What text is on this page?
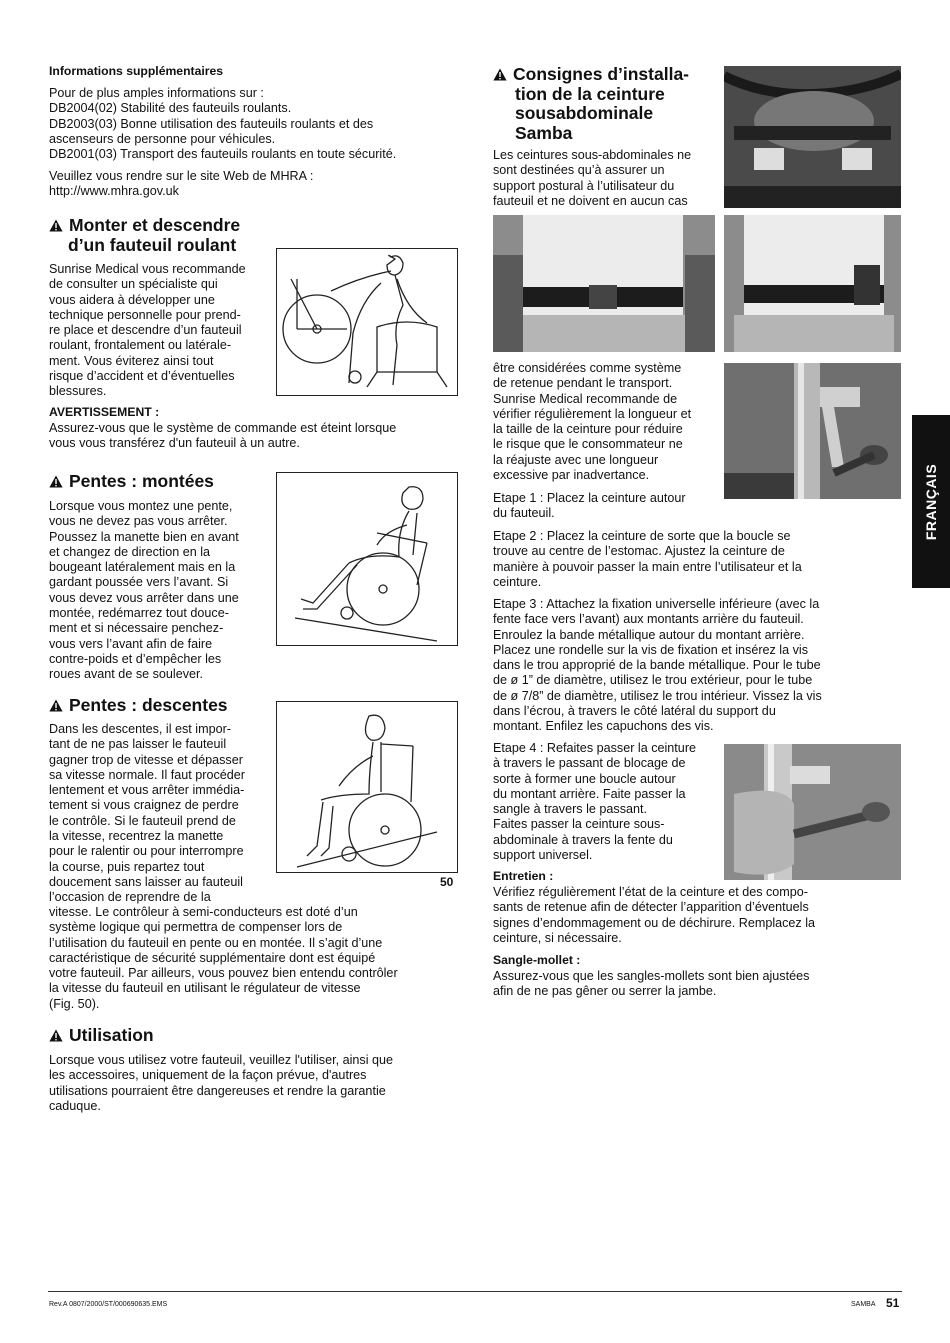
Informations supplémentaires
Pour de plus amples informations sur :
DB2004(02) Stabilité des fauteuils roulants.
DB2003(03) Bonne utilisation des fauteuils roulants et des
ascenseurs de personne pour véhicules.
DB2001(03) Transport des fauteuils roulants en toute sécurité.
Veuillez vous rendre sur le site Web de MHRA :
http://www.mhra.gov.uk
Monter et descendre
d’un fauteuil roulant
Sunrise Medical vous recommande
de consulter un spécialiste qui
vous aidera à développer une
technique personnelle pour prend-
re place et descendre d’un fauteuil
roulant, frontalement ou latérale-
ment. Vous éviterez ainsi tout
risque d’accident et d’éventuelles
blessures.
AVERTISSEMENT :
Assurez-vous que le système de commande est éteint lorsque
vous vous transférez d'un fauteuil à un autre.
Pentes : montées
Lorsque vous montez une pente,
vous ne devez pas vous arrêter.
Poussez la manette bien en avant
et changez de direction en la
bougeant latéralement mais en la
gardant poussée vers l’avant. Si
vous devez vous arrêter dans une
montée, redémarrez tout douce-
ment et si nécessaire penchez-
vous vers l’avant afin de faire
contre-poids et d’empêcher les
roues avant de se soulever.
Pentes : descentes
Dans les descentes, il est impor-
tant de ne pas laisser le fauteuil
gagner trop de vitesse et dépasser
sa vitesse normale. Il faut procéder
lentement et vous arrêter immédia-
tement si vous craignez de perdre
le contrôle. Si le fauteuil prend de
la vitesse, recentrez la manette
pour le ralentir ou pour interrompre
la course, puis repartez tout
doucement sans laisser au fauteuil
l’occasion de reprendre de la
50
vitesse. Le contrôleur à semi-conducteurs est doté d’un
système logique qui permettra de compenser lors de
l’utilisation du fauteuil en pente ou en montée. Il s’agit d’une
caractéristique de sécurité supplémentaire dont est équipé
votre fauteuil. Par ailleurs, vous pouvez bien entendu contrôler
la vitesse du fauteuil en utilisant le régulateur de vitesse
(Fig. 50).
Utilisation
Lorsque vous utilisez votre fauteuil, veuillez l'utiliser, ainsi que
les accessoires, uniquement de la façon prévue, d'autres
utilisations pourraient être dangereuses et rendre la garantie
caduque.
Consignes d’installa-
tion de la ceinture
sousabdominale
Samba
Les ceintures sous-abdominales ne
sont destinées qu’à assurer un
support postural à l’utilisateur du
fauteuil et ne doivent en aucun cas
être considérées comme système
de retenue pendant le transport.
Sunrise Medical recommande de
vérifier régulièrement la longueur et
la taille de la ceinture pour réduire
le risque que le consommateur ne
la réajuste avec une longueur
excessive par inadvertance.
Etape 1 : Placez la ceinture autour
du fauteuil.
Etape 2 : Placez la ceinture de sorte que la boucle se
trouve au centre de l’estomac. Ajustez la ceinture de
manière à pouvoir passer la main entre l’utilisateur et la
ceinture.
Etape 3 : Attachez la fixation universelle inférieure (avec la
fente face vers l’avant) aux montants arrière du fauteuil.
Enroulez la bande métallique autour du montant arrière.
Placez une rondelle sur la vis de fixation et insérez la vis
dans le trou approprié de la bande métallique. Pour le tube
de ø 1” de diamètre, utilisez le trou extérieur, pour le tube
de ø 7/8” de diamètre, utilisez le trou intérieur. Vissez la vis
dans l’écrou, à travers le côté latéral du support du
montant. Enfilez les capuchons des vis.
Etape 4 : Refaites passer la ceinture
à travers le passant de blocage de
sorte à former une boucle autour
du montant arrière. Faite passer la
sangle à travers le passant.
Faites passer la ceinture sous-
abdominale à travers la fente du
support universel.
Entretien :
Vérifiez régulièrement l’état de la ceinture et des compo-
sants de retenue afin de détecter l’apparition d’éventuels
signes d’endommagement ou de déchirure. Remplacez la
ceinture, si nécessaire.
Sangle-mollet :
Assurez-vous que les sangles-mollets sont bien ajustées
afin de ne pas gêner ou serrer la jambe.
FRANÇAIS
Rev.A 0807/2000/ST/000690635.EMS	SAMBA 51
